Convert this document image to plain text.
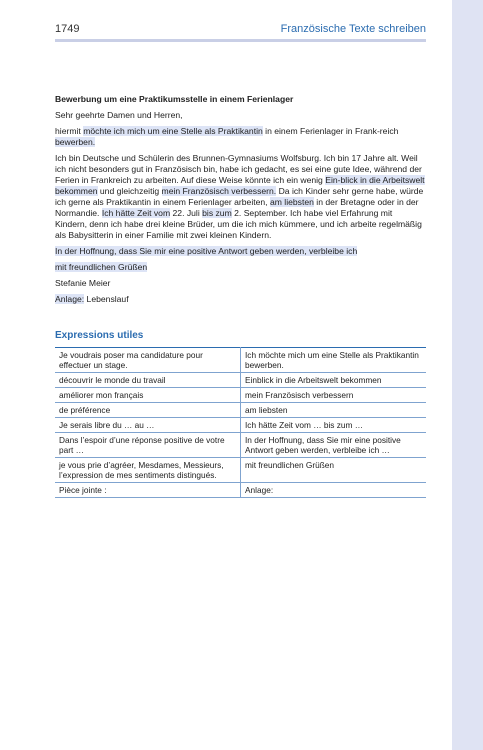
1749	Französische Texte schreiben

Bewerbung um eine Praktikumsstelle in einem Ferienlager

Sehr geehrte Damen und Herren,

hiermit möchte ich mich um eine Stelle als Praktikantin in einem Ferienlager in Frank-reich bewerben.

Ich bin Deutsche und Schülerin des Brunnen-Gymnasiums Wolfsburg. Ich bin 17 Jahre alt. Weil ich nicht besonders gut in Französisch bin, habe ich gedacht, es sei eine gute Idee, während der Ferien in Frankreich zu arbeiten. Auf diese Weise könnte ich ein wenig Ein-blick in die Arbeitswelt bekommen und gleichzeitig mein Französisch verbessern. Da ich Kinder sehr gerne habe, würde ich gerne als Praktikantin in einem Ferienlager arbeiten, am liebsten in der Bretagne oder in der Normandie. Ich hätte Zeit vom 22. Juli bis zum 2. September. Ich habe viel Erfahrung mit Kindern, denn ich habe drei kleine Brüder, um die ich mich kümmere, und ich arbeite regelmäßig als Babysitterin in einer Familie mit zwei kleinen Kindern.

In der Hoffnung, dass Sie mir eine positive Antwort geben werden, verbleibe ich

mit freundlichen Grüßen

Stefanie Meier

Anlage: Lebenslauf

Expressions utiles
Je voudrais poser ma candidature pour effectuer un stage.	Ich möchte mich um eine Stelle als Praktikantin bewerben.
découvrir le monde du travail	Einblick in die Arbeitswelt bekommen
améliorer mon français	mein Französisch verbessern
de préférence	am liebsten
Je serais libre du … au …	Ich hätte Zeit vom … bis zum …
Dans l’espoir d’une réponse positive de votre part …	In der Hoffnung, dass Sie mir eine positive Antwort geben werden, verbleibe ich …
je vous prie d’agréer, Mesdames, Messieurs, l’expression de mes sentiments distingués.	mit freundlichen Grüßen
Pièce jointe :	Anlage:
